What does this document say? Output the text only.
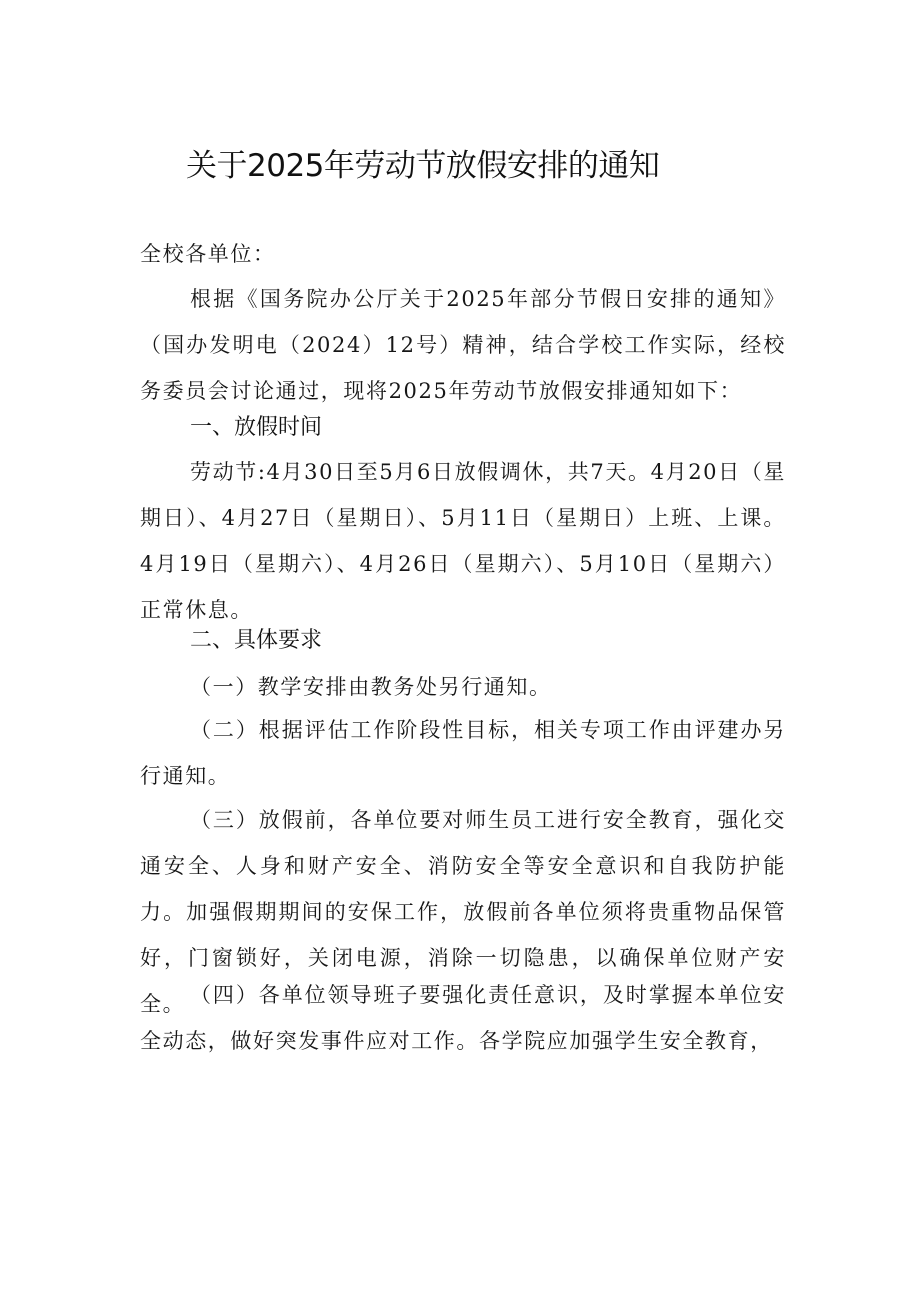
关于2025年劳动节放假安排的通知
全校各单位：
根据《国务院办公厅关于2025年部分节假日安排的通知》（国办发明电（2024）12号）精神，结合学校工作实际，经校务委员会讨论通过，现将2025年劳动节放假安排通知如下：
一、放假时间
劳动节:4月30日至5月6日放假调休，共7天。4月20日（星期日）、4月27日（星期日）、5月11日（星期日）上班、上课。4月19日（星期六）、4月26日（星期六）、5月10日（星期六）正常休息。
二、具体要求
（一）教学安排由教务处另行通知。
（二）根据评估工作阶段性目标，相关专项工作由评建办另行通知。
（三）放假前，各单位要对师生员工进行安全教育，强化交通安全、人身和财产安全、消防安全等安全意识和自我防护能力。加强假期期间的安保工作，放假前各单位须将贵重物品保管好，门窗锁好，关闭电源，消除一切隐患，以确保单位财产安全。 （四）各单位领导班子要强化责任意识，及时掌握本单位安全动态，做好突发事件应对工作。各学院应加强学生安全教育，
